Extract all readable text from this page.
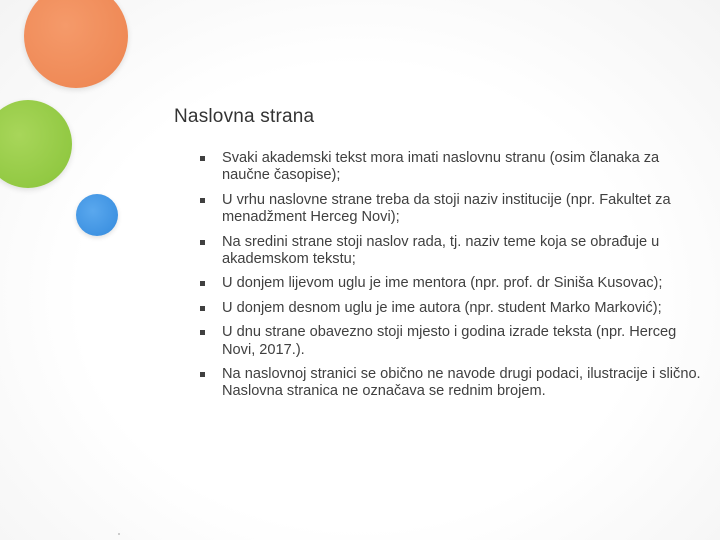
Naslovna strana
Svaki akademski tekst mora imati naslovnu stranu (osim članaka za naučne časopise);
U vrhu naslovne strane treba da stoji naziv institucije (npr. Fakultet za menadžment Herceg Novi);
Na sredini strane stoji naslov rada, tj. naziv teme koja se obrađuje u akademskom tekstu;
U donjem lijevom uglu je ime mentora (npr. prof. dr Siniša Kusovac);
U donjem desnom uglu je ime autora (npr. student Marko Marković);
U dnu strane obavezno stoji mjesto i godina izrade teksta (npr. Herceg Novi, 2017.).
Na naslovnoj stranici se obično ne navode drugi podaci, ilustracije i slično. Naslovna stranica ne označava se rednim brojem.
